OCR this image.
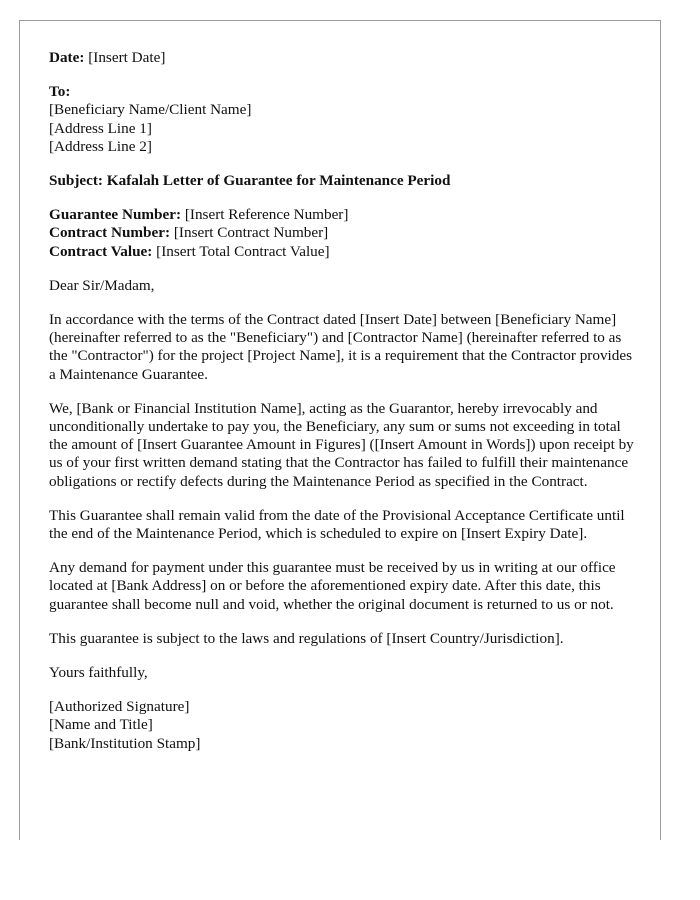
Date: [Insert Date]
To:
[Beneficiary Name/Client Name]
[Address Line 1]
[Address Line 2]
Subject: Kafalah Letter of Guarantee for Maintenance Period
Guarantee Number: [Insert Reference Number]
Contract Number: [Insert Contract Number]
Contract Value: [Insert Total Contract Value]

Dear Sir/Madam,

In accordance with the terms of the Contract dated [Insert Date] between [Beneficiary Name] (hereinafter referred to as the "Beneficiary") and [Contractor Name] (hereinafter referred to as the "Contractor") for the project [Project Name], it is a requirement that the Contractor provides a Maintenance Guarantee.

We, [Bank or Financial Institution Name], acting as the Guarantor, hereby irrevocably and unconditionally undertake to pay you, the Beneficiary, any sum or sums not exceeding in total the amount of [Insert Guarantee Amount in Figures] ([Insert Amount in Words]) upon receipt by us of your first written demand stating that the Contractor has failed to fulfill their maintenance obligations or rectify defects during the Maintenance Period as specified in the Contract.

This Guarantee shall remain valid from the date of the Provisional Acceptance Certificate until the end of the Maintenance Period, which is scheduled to expire on [Insert Expiry Date].

Any demand for payment under this guarantee must be received by us in writing at our office located at [Bank Address] on or before the aforementioned expiry date. After this date, this guarantee shall become null and void, whether the original document is returned to us or not.

This guarantee is subject to the laws and regulations of [Insert Country/Jurisdiction].

Yours faithfully,

[Authorized Signature]
[Name and Title]
[Bank/Institution Stamp]
